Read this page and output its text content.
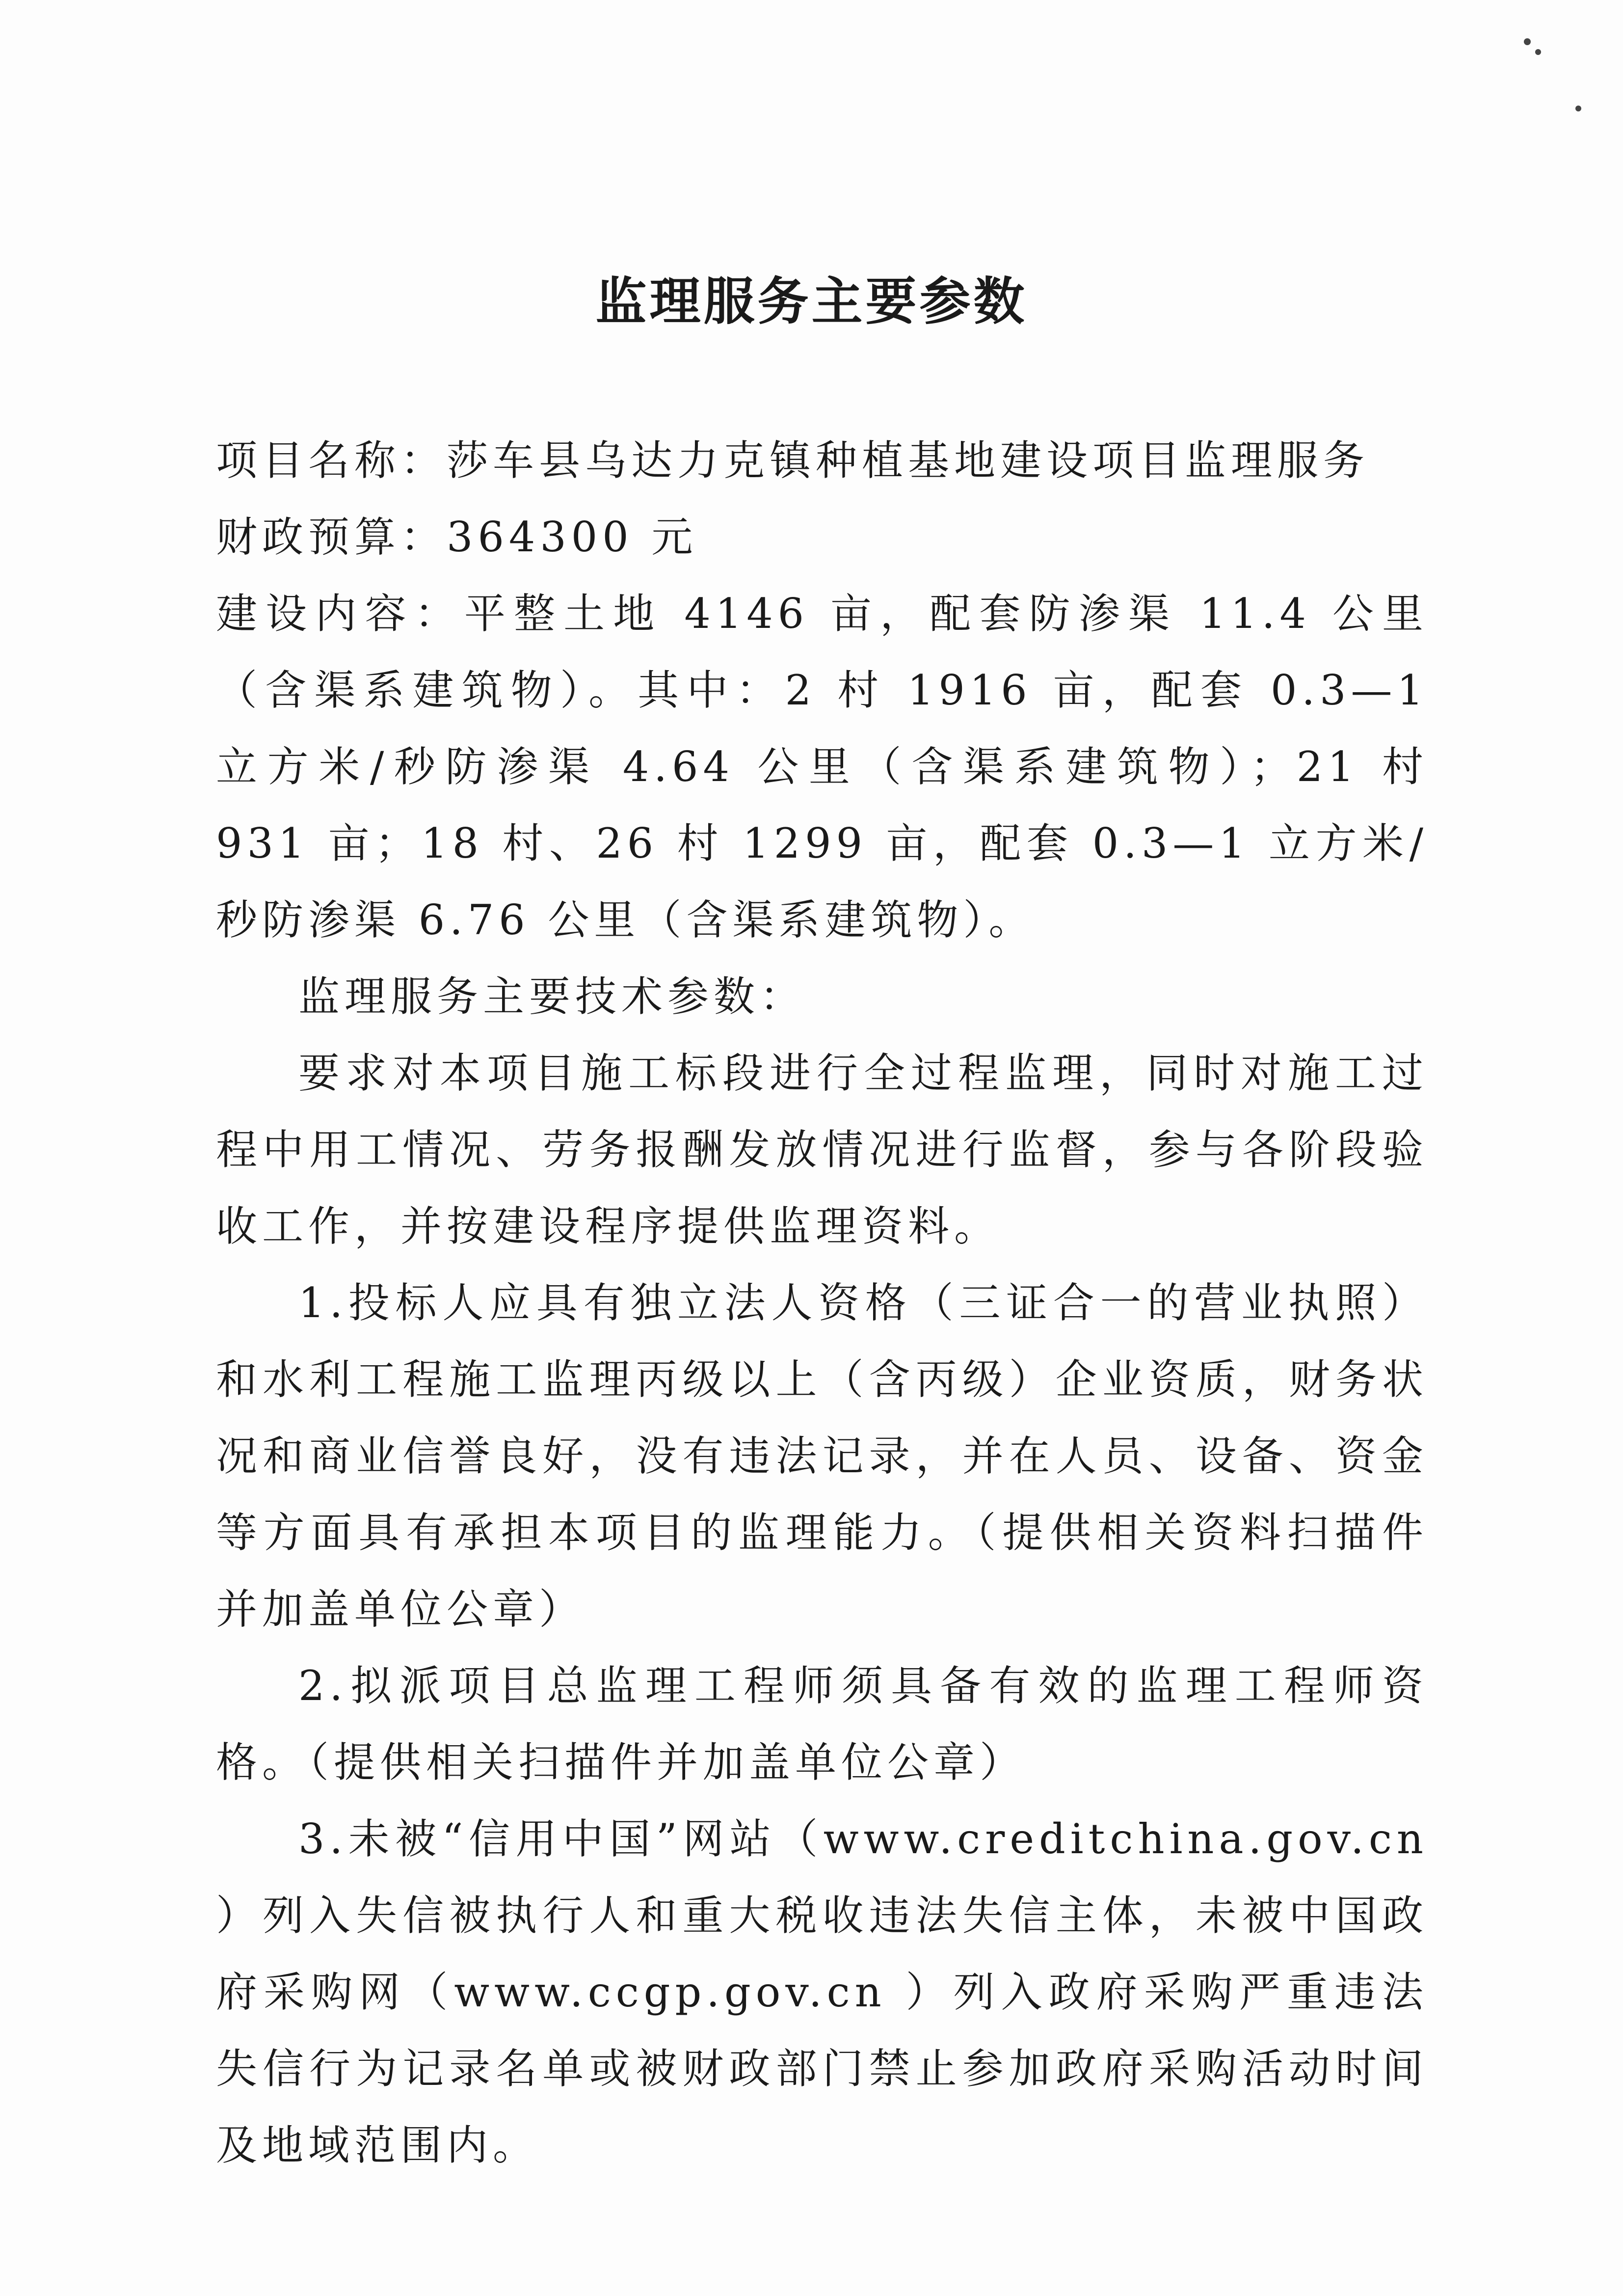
监理服务主要参数

项目名称：莎车县乌达力克镇种植基地建设项目监理服务

财政预算：364300 元

建设内容：平整土地 4146 亩，配套防渗渠 11.4 公里（含渠系建筑物）。其中：2 村 1916 亩，配套 0.3—1 立方米/秒防渗渠 4.64 公里（含渠系建筑物）；21 村 931 亩；18 村、26 村 1299 亩，配套 0.3—1 立方米/秒防渗渠 6.76 公里（含渠系建筑物）。

监理服务主要技术参数：

要求对本项目施工标段进行全过程监理，同时对施工过程中用工情况、劳务报酬发放情况进行监督，参与各阶段验收工作，并按建设程序提供监理资料。

1.投标人应具有独立法人资格（三证合一的营业执照）和水利工程施工监理丙级以上（含丙级）企业资质，财务状况和商业信誉良好，没有违法记录，并在人员、设备、资金等方面具有承担本项目的监理能力。（提供相关资料扫描件并加盖单位公章）

2.拟派项目总监理工程师须具备有效的监理工程师资格。（提供相关扫描件并加盖单位公章）

3.未被“信用中国”网站（www.creditchina.gov.cn ）列入失信被执行人和重大税收违法失信主体，未被中国政府采购网（www.ccgp.gov.cn ）列入政府采购严重违法失信行为记录名单或被财政部门禁止参加政府采购活动时间及地域范围内。
